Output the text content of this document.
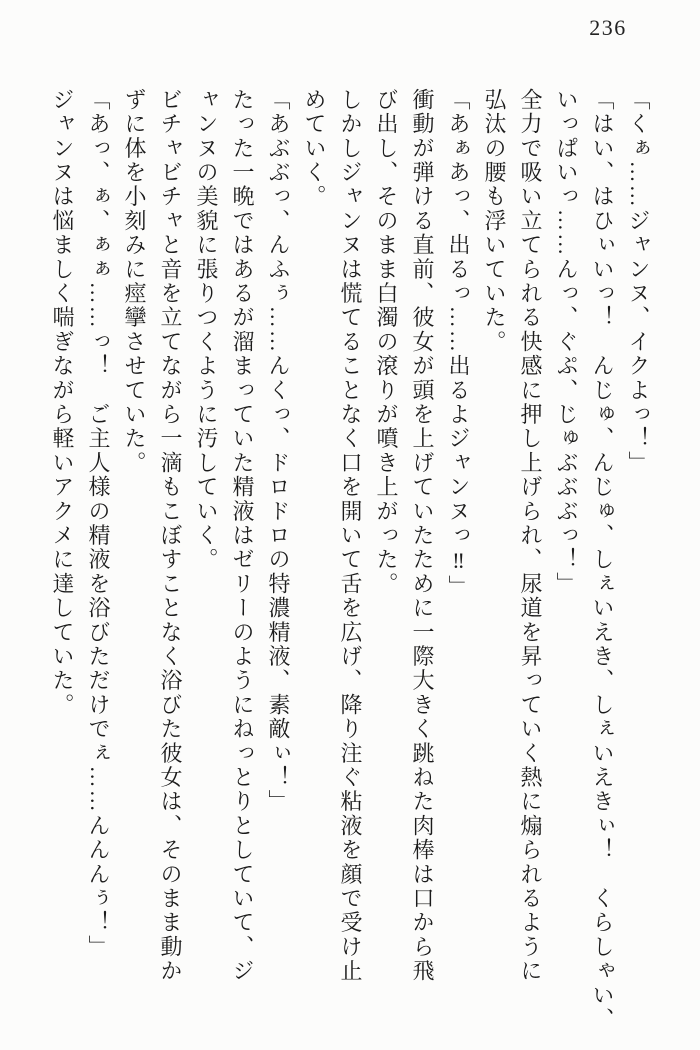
236

「くぁ……ジャンヌ、イクよっ！」

「はい、はひぃいっ！　んじゅ、んじゅ、しぇいえき、しぇいえきぃ！　くらしゃい、

いっぱいっ……んっ、ぐぷ、じゅぶぶぶっ！」

全力で吸い立てられる快感に押し上げられ、尿道を昇っていく熱に煽られるように

弘汰の腰も浮いていた。

「あぁあっ、出るっ……出るよジャンヌっ‼」

衝動が弾ける直前、彼女が頭を上げていたために一際大きく跳ねた肉棒は口から飛

び出し、そのまま白濁の滾りが噴き上がった。

しかしジャンヌは慌てることなく口を開いて舌を広げ、降り注ぐ粘液を顔で受け止

めていく。

「あぶぶっ、んふぅ……んくっ、ドロドロの特濃精液、素敵ぃ！」

たった一晩ではあるが溜まっていた精液はゼリーのようにねっとりとしていて、ジ

ャンヌの美貌に張りつくように汚していく。

ビチャビチャと音を立てながら一滴もこぼすことなく浴びた彼女は、そのまま動か

ずに体を小刻みに痙攣させていた。

「あっ、ぁ、ぁぁ……っ！　ご主人様の精液を浴びただけでぇ……んんんぅ！」

ジャンヌは悩ましく喘ぎながら軽いアクメに達していた。
